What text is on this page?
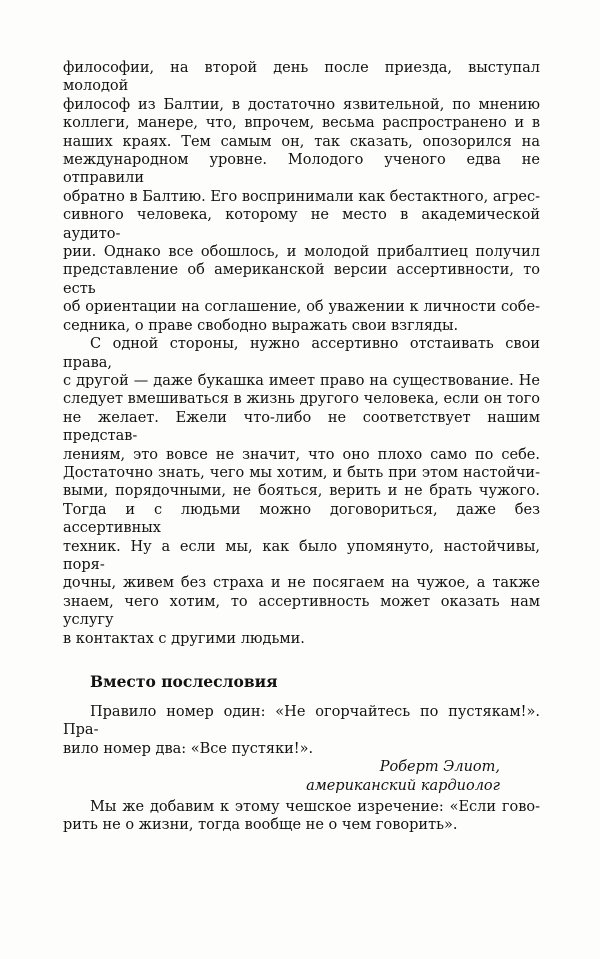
философии, на второй день после приезда, выступал молодой
философ из Балтии, в достаточно язвительной, по мнению
коллеги, манере, что, впрочем, весьма распространено и в
наших краях. Тем самым он, так сказать, опозорился на
международном уровне. Молодого ученого едва не отправили
обратно в Балтию. Его воспринимали как бестактного, агрес-
сивного человека, которому не место в академической аудито-
рии. Однако все обошлось, и молодой прибалтиец получил
представление об американской версии ассертивности, то есть
об ориентации на соглашение, об уважении к личности собе-
седника, о праве свободно выражать свои взгляды.
С одной стороны, нужно ассертивно отстаивать свои права,
с другой — даже букашка имеет право на существование. Не
следует вмешиваться в жизнь другого человека, если он того
не желает. Ежели что-либо не соответствует нашим представ-
лениям, это вовсе не значит, что оно плохо само по себе.
Достаточно знать, чего мы хотим, и быть при этом настойчи-
выми, порядочными, не бояться, верить и не брать чужого.
Тогда и с людьми можно договориться, даже без ассертивных
техник. Ну а если мы, как было упомянуто, настойчивы, поря-
дочны, живем без страха и не посягаем на чужое, а также
знаем, чего хотим, то ассертивность может оказать нам услугу
в контактах с другими людьми.
Вместо послесловия
Правило номер один: «Не огорчайтесь по пустякам!». Пра-
вило номер два: «Все пустяки!».
Роберт Элиот,
американский кардиолог
Мы же добавим к этому чешское изречение: «Если гово-
рить не о жизни, тогда вообще не о чем говорить».
